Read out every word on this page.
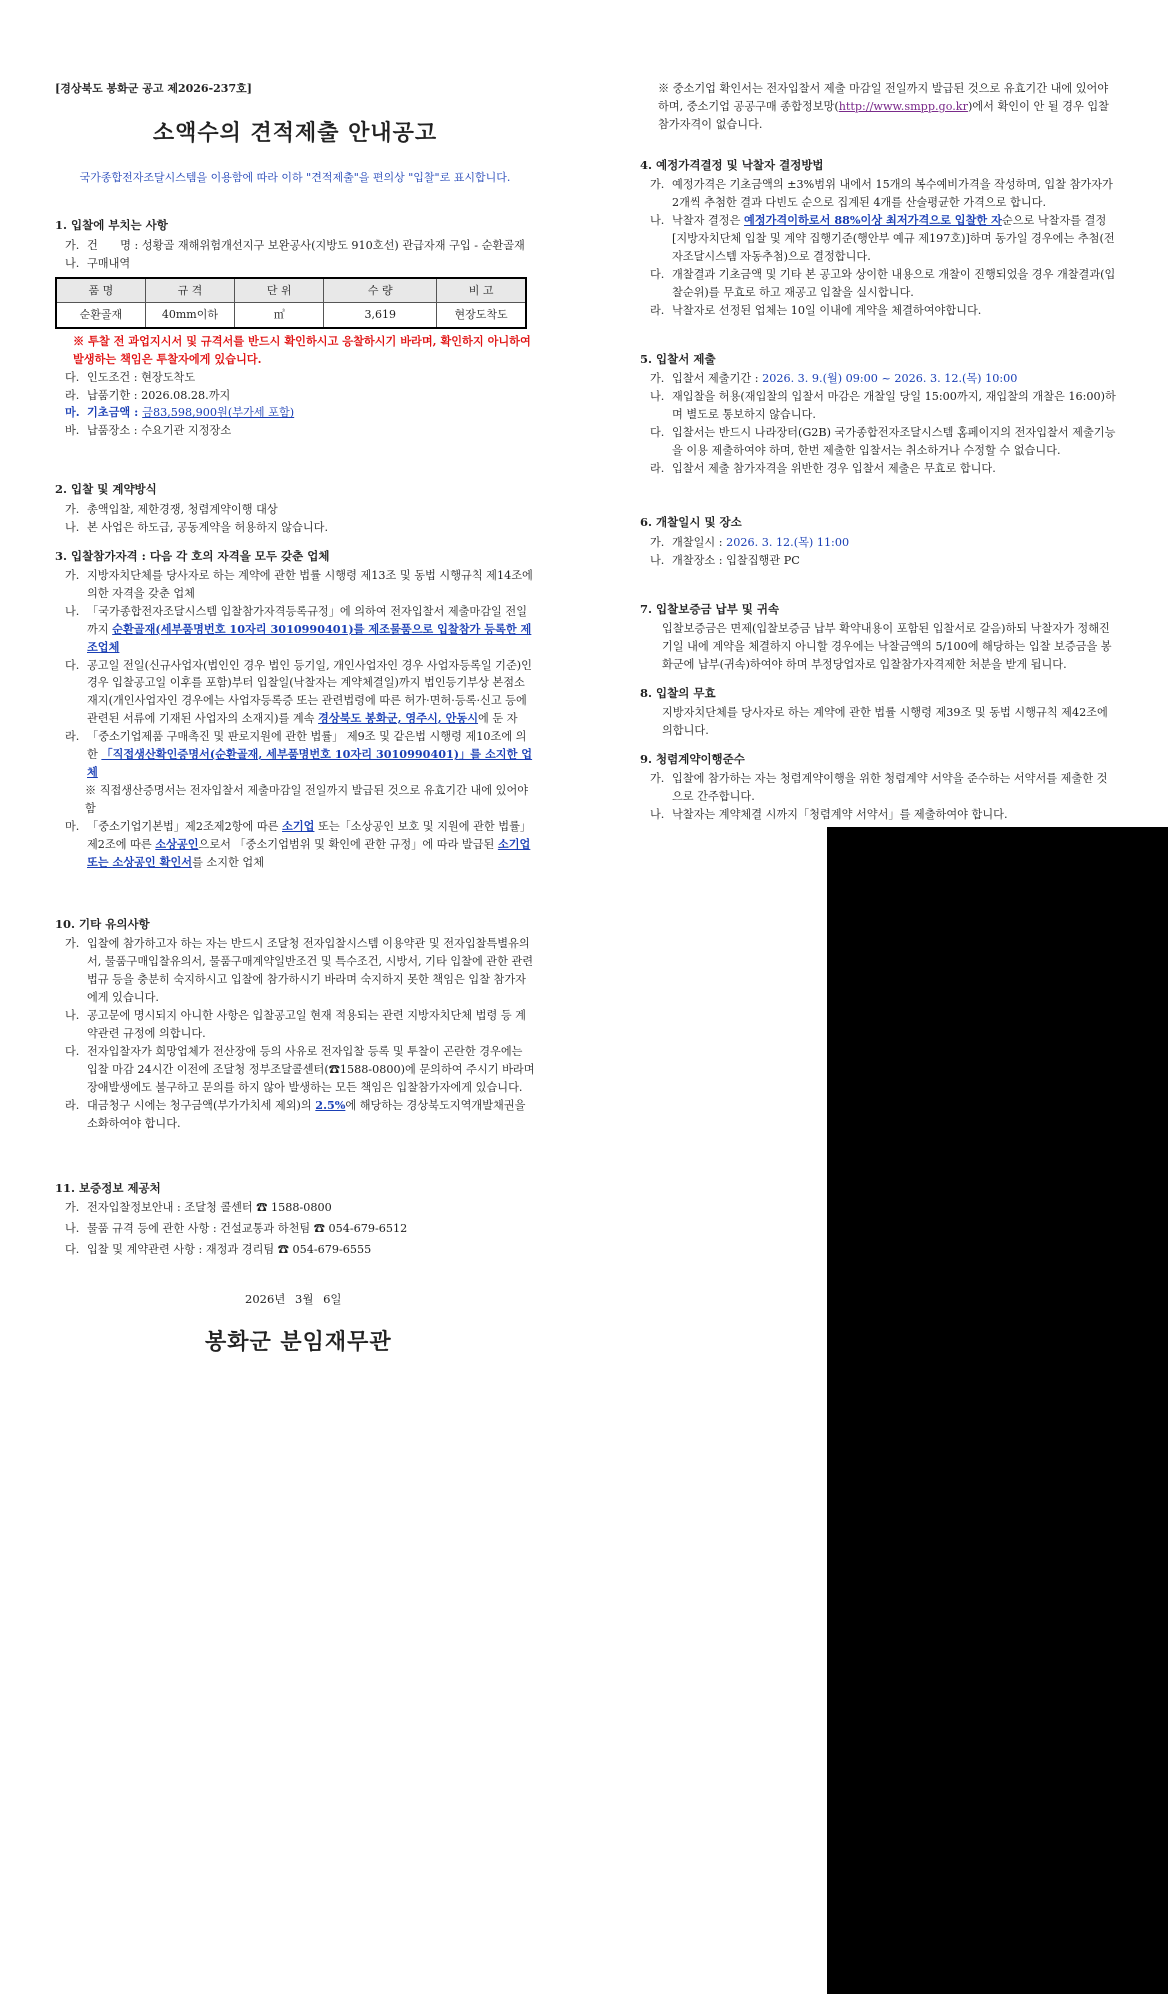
[경상북도 봉화군 공고 제2026-237호]
소액수의 견적제출 안내공고
국가종합전자조달시스템을 이용함에 따라 이하 "견적제출"을 편의상 "입찰"로 표시합니다.
1. 입찰에 부치는 사항
가. 건　　명 : 성황골 재해위험개선지구 보완공사(지방도 910호선) 관급자재 구입 - 순환골재
나. 구매내역
품 명	규 격	단 위	수 량	비 고
순환골재	40mm이하	㎥	3,619	현장도착도
※ 투찰 전 과업지시서 및 규격서를 반드시 확인하시고 응찰하시기 바라며, 확인하지 아니하여 발생하는 책임은 투찰자에게 있습니다.
다. 인도조건 : 현장도착도
라. 납품기한 : 2026.08.28.까지
마. 기초금액 : 금83,598,900원(부가세 포함)
바. 납품장소 : 수요기관 지정장소
2. 입찰 및 계약방식
가. 총액입찰, 제한경쟁, 청렴계약이행 대상
나. 본 사업은 하도급, 공동계약을 허용하지 않습니다.
3. 입찰참가자격 : 다음 각 호의 자격을 모두 갖춘 업체
가. 지방자치단체를 당사자로 하는 계약에 관한 법률 시행령 제13조 및 동법 시행규칙 제14조에 의한 자격을 갖춘 업체
나. 「국가종합전자조달시스템 입찰참가자격등록규정」에 의하여 전자입찰서 제출마감일 전일까지 순환골재(세부품명번호 10자리 3010990401)를 제조물품으로 입찰참가 등록한 제조업체
다. 공고일 전일(신규사업자(법인인 경우 법인 등기일, 개인사업자인 경우 사업자등록일 기준)인 경우 입찰공고일 이후를 포함)부터 입찰일(낙찰자는 계약체결일)까지 법인등기부상 본점소재지(개인사업자인 경우에는 사업자등록증 또는 관련법령에 따른 허가·면허·등록·신고 등에 관련된 서류에 기재된 사업자의 소재지)를 계속 경상북도 봉화군, 영주시, 안동시에 둔 자
라. 「중소기업제품 구매촉진 및 판로지원에 관한 법률」 제9조 및 같은법 시행령 제10조에 의한 「직접생산확인증명서(순환골재, 세부품명번호 10자리 3010990401)」를 소지한 업체
※ 직접생산증명서는 전자입찰서 제출마감일 전일까지 발급된 것으로 유효기간 내에 있어야 함
마. 「중소기업기본법」제2조제2항에 따른 소기업 또는「소상공인 보호 및 지원에 관한 법률」제2조에 따른 소상공인으로서 「중소기업범위 및 확인에 관한 규정」에 따라 발급된 소기업 또는 소상공인 확인서를 소지한 업체
※ 중소기업 확인서는 전자입찰서 제출 마감일 전일까지 발급된 것으로 유효기간 내에 있어야 하며, 중소기업 공공구매 종합정보망(http://www.smpp.go.kr)에서 확인이 안 될 경우 입찰참가자격이 없습니다.
4. 예정가격결정 및 낙찰자 결정방법
가. 예정가격은 기초금액의 ±3%범위 내에서 15개의 복수예비가격을 작성하며, 입찰 참가자가 2개씩 추첨한 결과 다빈도 순으로 집계된 4개를 산술평균한 가격으로 합니다.
나. 낙찰자 결정은 예정가격이하로서 88%이상 최저가격으로 입찰한 자순으로 낙찰자를 결정[지방자치단체 입찰 및 계약 집행기준(행안부 예규 제197호)]하며 동가일 경우에는 추첨(전자조달시스템 자동추첨)으로 결정합니다.
다. 개찰결과 기초금액 및 기타 본 공고와 상이한 내용으로 개찰이 진행되었을 경우 개찰결과(입찰순위)를 무효로 하고 재공고 입찰을 실시합니다.
라. 낙찰자로 선정된 업체는 10일 이내에 계약을 체결하여야합니다.
5. 입찰서 제출
가. 입찰서 제출기간 : 2026. 3. 9.(월) 09:00 ~ 2026. 3. 12.(목) 10:00
나. 재입찰을 허용(재입찰의 입찰서 마감은 개찰일 당일 15:00까지, 재입찰의 개찰은 16:00)하며 별도로 통보하지 않습니다.
다. 입찰서는 반드시 나라장터(G2B) 국가종합전자조달시스템 홈페이지의 전자입찰서 제출기능을 이용 제출하여야 하며, 한번 제출한 입찰서는 취소하거나 수정할 수 없습니다.
라. 입찰서 제출 참가자격을 위반한 경우 입찰서 제출은 무효로 합니다.
6. 개찰일시 및 장소
가. 개찰일시 : 2026. 3. 12.(목) 11:00
나. 개찰장소 : 입찰집행관 PC
7. 입찰보증금 납부 및 귀속
입찰보증금은 면제(입찰보증금 납부 확약내용이 포함된 입찰서로 갈음)하되 낙찰자가 정해진 기일 내에 계약을 체결하지 아니할 경우에는 낙찰금액의 5/100에 해당하는 입찰 보증금을 봉화군에 납부(귀속)하여야 하며 부정당업자로 입찰참가자격제한 처분을 받게 됩니다.
8. 입찰의 무효
지방자치단체를 당사자로 하는 계약에 관한 법률 시행령 제39조 및 동법 시행규칙 제42조에 의합니다.
9. 청렴계약이행준수
가. 입찰에 참가하는 자는 청렴계약이행을 위한 청렴계약 서약을 준수하는 서약서를 제출한 것으로 간주합니다.
나. 낙찰자는 계약체결 시까지「청렴계약 서약서」를 제출하여야 합니다.
10. 기타 유의사항
가. 입찰에 참가하고자 하는 자는 반드시 조달청 전자입찰시스템 이용약관 및 전자입찰특별유의서, 물품구매입찰유의서, 물품구매계약일반조건 및 특수조건, 시방서, 기타 입찰에 관한 관련법규 등을 충분히 숙지하시고 입찰에 참가하시기 바라며 숙지하지 못한 책임은 입찰 참가자에게 있습니다.
나. 공고문에 명시되지 아니한 사항은 입찰공고일 현재 적용되는 관련 지방자치단체 법령 등 계약관련 규정에 의합니다.
다. 전자입찰자가 희망업체가 전산장애 등의 사유로 전자입찰 등록 및 투찰이 곤란한 경우에는 입찰 마감 24시간 이전에 조달청 정부조달콜센터(☎1588-0800)에 문의하여 주시기 바라며 장애발생에도 불구하고 문의를 하지 않아 발생하는 모든 책임은 입찰참가자에게 있습니다.
라. 대금청구 시에는 청구금액(부가가치세 제외)의 2.5%에 해당하는 경상북도지역개발채권을 소화하여야 합니다.
11. 보증정보 제공처
가. 전자입찰정보안내 : 조달청 콜센터 ☎ 1588-0800
나. 물품 규격 등에 관한 사항 : 건설교통과 하천팀 ☎ 054-679-6512
다. 입찰 및 계약관련 사항 : 재정과 경리팀 ☎ 054-679-6555
2026년 3월 6일
봉화군 분임재무관
